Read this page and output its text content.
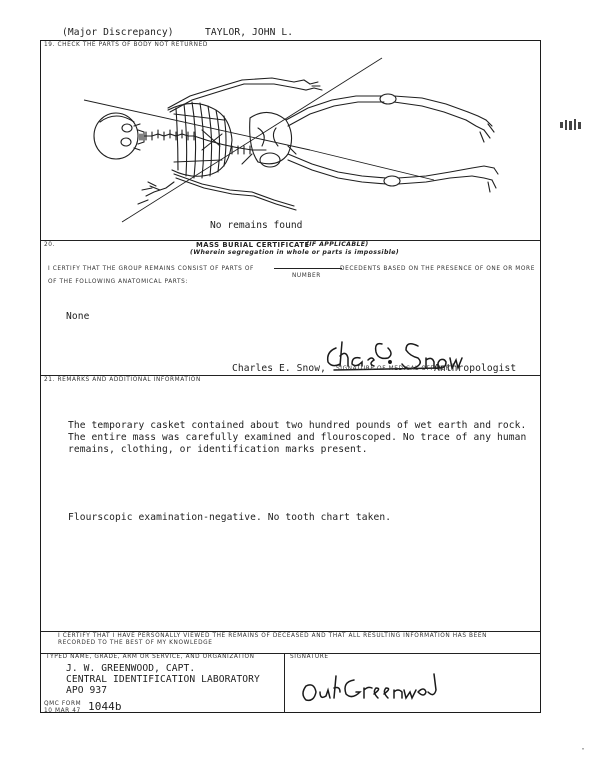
(Major Discrepancy)	TAYLOR, JOHN L.
19. CHECK THE PARTS OF BODY NOT RETURNED
No remains found
20.	MASS BURIAL CERTIFICATE
(IF APPLICABLE)
(Wherein segregation in whole or parts is impossible)
I CERTIFY THAT THE GROUP REMAINS CONSIST OF PARTS OF	DECEDENTS BASED ON THE PRESENCE OF ONE OR MORE
NUMBER
OF THE FOLLOWING ANATOMICAL PARTS:
None
Charles E. Snow, SIGNATURE OF MEDICAL OFFICER
Anthropologist
21. REMARKS AND ADDITIONAL INFORMATION
The temporary casket contained about two hundred pounds of wet earth and rock.
The entire mass was carefully examined and flouroscoped. No trace of any human
remains, clothing, or identification marks present.
Flourscopic examination-negative. No tooth chart taken.
I CERTIFY THAT I HAVE PERSONALLY VIEWED THE REMAINS OF DECEASED AND THAT ALL RESULTING INFORMATION HAS BEEN
RECORDED TO THE BEST OF MY KNOWLEDGE
TYPED NAME, GRADE, ARM OR SERVICE, AND ORGANIZATION	SIGNATURE
J. W. GREENWOOD, CAPT.
CENTRAL IDENTIFICATION LABORATORY
APO 937
QMC FORM
10 MAR 47 1044b
·
